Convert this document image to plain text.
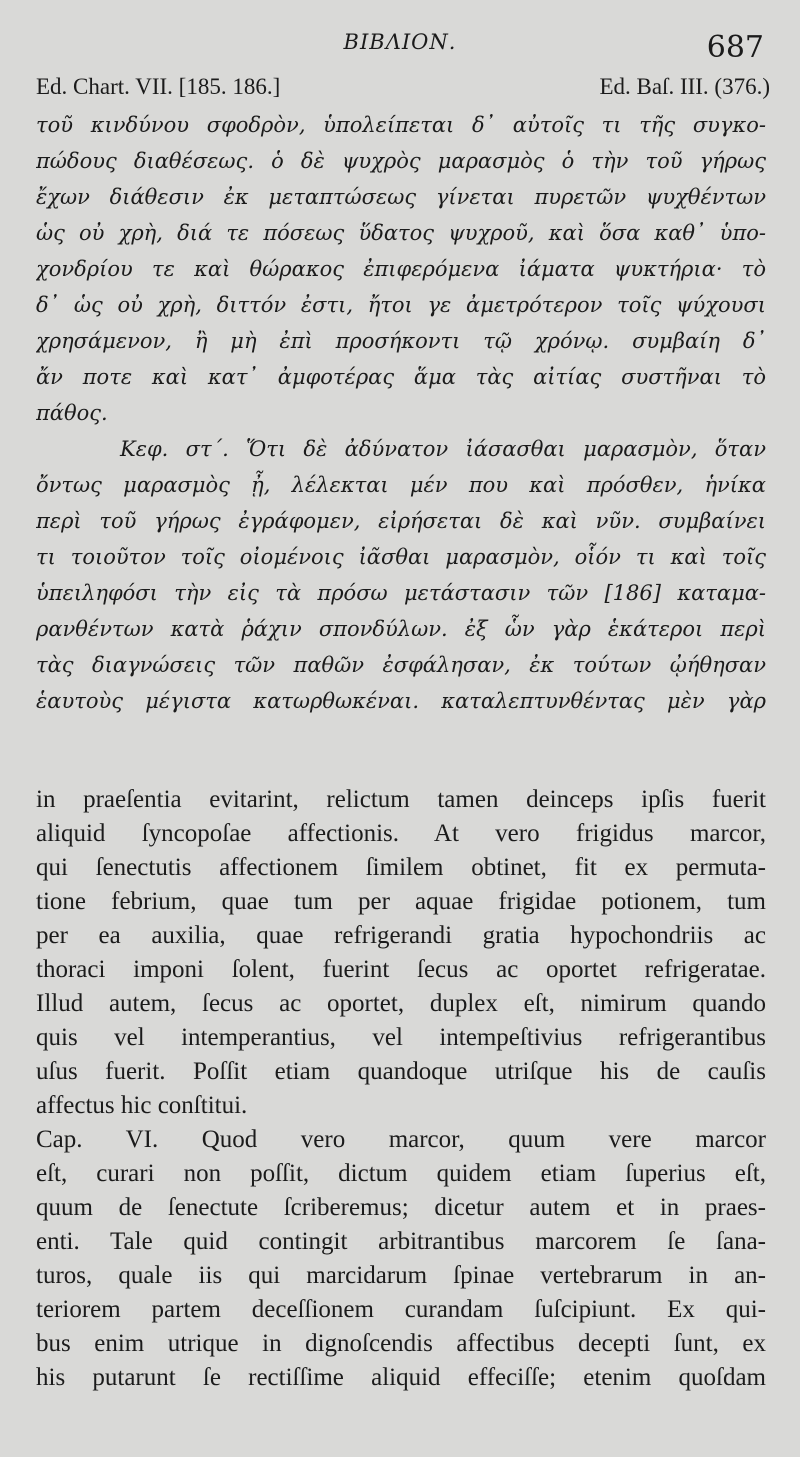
ΒΙΒΛΙΟΝ.	687
Ed. Chart. VII. [185. 186.]	Ed. Baſ. III. (376.)
τοῦ κινδύνου σφοδρὸν, ὑπολείπεται δ᾽ αὐτοῖς τι τῆς συγκο-
πώδους διαθέσεως. ὁ δὲ ψυχρὸς μαρασμὸς ὁ τὴν τοῦ γήρως
ἔχων διάθεσιν ἐκ μεταπτώσεως γίνεται πυρετῶν ψυχθέντων
ὡς οὐ χρὴ, διά τε πόσεως ὕδατος ψυχροῦ, καὶ ὅσα καθ᾽ ὑπο-
χονδρίου τε καὶ θώρακος ἐπιφερόμενα ἰάματα ψυκτήρια· τὸ
δ᾽ ὡς οὐ χρὴ, διττόν ἐστι, ἤτοι γε ἀμετρότερον τοῖς ψύχουσι
χρησάμενον, ἢ μὴ ἐπὶ προσήκοντι τῷ χρόνῳ. συμβαίη δ᾽
ἄν ποτε καὶ κατ᾽ ἀμφοτέρας ἅμα τὰς αἰτίας συστῆναι τὸ
πάθος.
Κεφ. στ΄. Ὅτι δὲ ἀδύνατον ἰάσασθαι μαρασμὸν, ὅταν
ὄντως μαρασμὸς ᾖ, λέλεκται μέν που καὶ πρόσθεν, ἡνίκα
περὶ τοῦ γήρως ἐγράφομεν, εἰρήσεται δὲ καὶ νῦν. συμβαίνει
τι τοιοῦτον τοῖς οἰομένοις ἰᾶσθαι μαρασμὸν, οἷόν τι καὶ τοῖς
ὑπειληφόσι τὴν εἰς τὰ πρόσω μετάστασιν τῶν [186] καταμα-
ρανθέντων κατὰ ῥάχιν σπονδύλων. ἐξ ὧν γὰρ ἑκάτεροι περὶ
τὰς διαγνώσεις τῶν παθῶν ἐσφάλησαν, ἐκ τούτων ᾠήθησαν
ἑαυτοὺς μέγιστα κατωρθωκέναι. καταλεπτυνθέντας μὲν γὰρ
in praeſentia evitarint, relictum tamen deinceps ipſis fuerit
aliquid ſyncopoſae affectionis. At vero frigidus marcor,
qui ſenectutis affectionem ſimilem obtinet, fit ex permuta-
tione febrium, quae tum per aquae frigidae potionem, tum
per ea auxilia, quae refrigerandi gratia hypochondriis ac
thoraci imponi ſolent, fuerint ſecus ac oportet refrigeratae.
Illud autem, ſecus ac oportet, duplex eſt, nimirum quando
quis vel intemperantius, vel intempeſtivius refrigerantibus
uſus fuerit. Poſſit etiam quandoque utriſque his de cauſis
affectus hic conſtitui.
Cap. VI. Quod vero marcor, quum vere marcor
eſt, curari non poſſit, dictum quidem etiam ſuperius eſt,
quum de ſenectute ſcriberemus; dicetur autem et in praes-
enti. Tale quid contingit arbitrantibus marcorem ſe ſana-
turos, quale iis qui marcidarum ſpinae vertebrarum in an-
teriorem partem deceſſionem curandam ſuſcipiunt. Ex qui-
bus enim utrique in dignoſcendis affectibus decepti ſunt, ex
his putarunt ſe rectiſſime aliquid effeciſſe; etenim quoſdam
